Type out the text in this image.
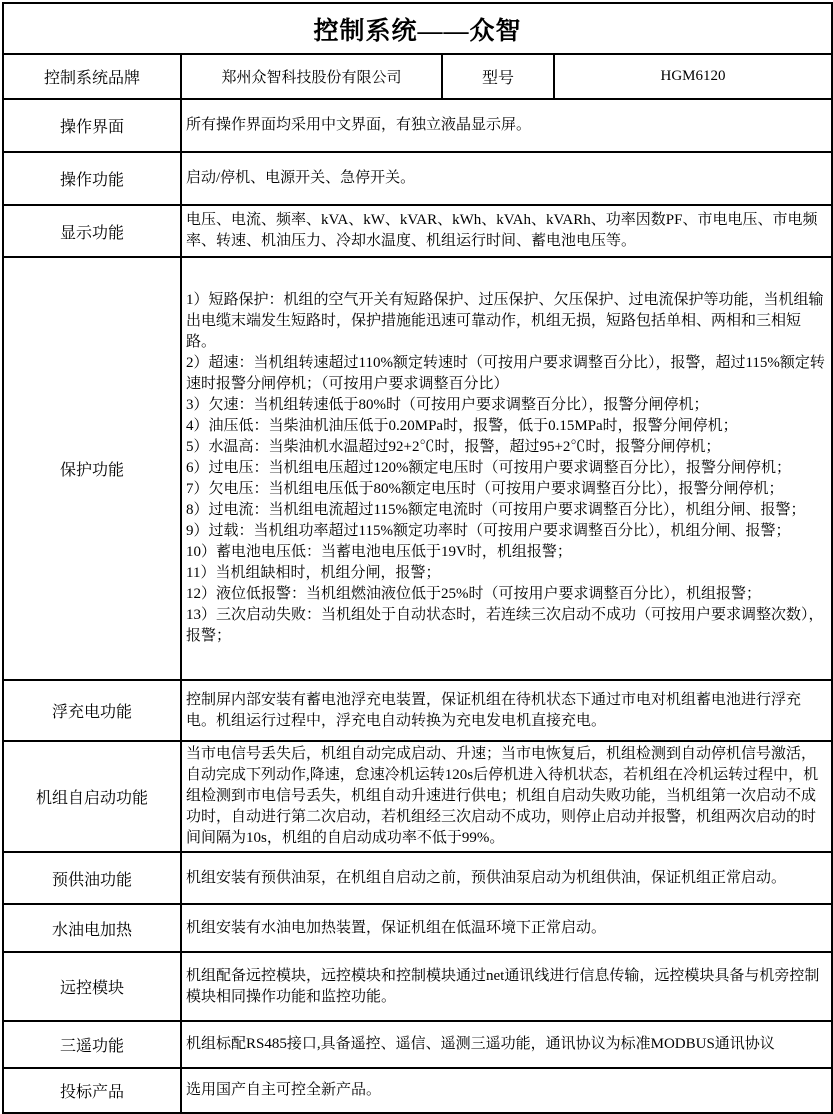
控制系统——众智			
控制系统品牌	郑州众智科技股份有限公司	型号	HGM6120
操作界面	所有操作界面均采用中文界面，有独立液晶显示屏。		
操作功能	启动/停机、电源开关、急停开关。		
显示功能	电压、电流、频率、kVA、kW、kVAR、kWh、kVAh、kVARh、功率因数PF、市电电压、市电频率、转速、机油压力、冷却水温度、机组运行时间、蓄电池电压等。		
保护功能	1）短路保护：机组的空气开关有短路保护、过压保护、欠压保护、过电流保护等功能，当机组输出电缆末端发生短路时，保护措施能迅速可靠动作，机组无损，短路包括单相、两相和三相短路。
2）超速：当机组转速超过110%额定转速时（可按用户要求调整百分比），报警，超过115%额定转速时报警分闸停机；（可按用户要求调整百分比）
3）欠速：当机组转速低于80%时（可按用户要求调整百分比），报警分闸停机；
4）油压低：当柴油机油压低于0.20MPa时，报警，低于0.15MPa时，报警分闸停机；
5）水温高：当柴油机水温超过92+2℃时，报警，超过95+2℃时，报警分闸停机；
6）过电压：当机组电压超过120%额定电压时（可按用户要求调整百分比），报警分闸停机；
7）欠电压：当机组电压低于80%额定电压时（可按用户要求调整百分比），报警分闸停机；
8）过电流：当机组电流超过115%额定电流时（可按用户要求调整百分比），机组分闸、报警；
9）过载：当机组功率超过115%额定功率时（可按用户要求调整百分比），机组分闸、报警；
10）蓄电池电压低：当蓄电池电压低于19V时，机组报警；
11）当机组缺相时，机组分闸，报警；
12）液位低报警：当机组燃油液位低于25%时（可按用户要求调整百分比），机组报警；
13）三次启动失败：当机组处于自动状态时，若连续三次启动不成功（可按用户要求调整次数），报警；
浮充电功能	控制屏内部安装有蓄电池浮充电装置，保证机组在待机状态下通过市电对机组蓄电池进行浮充电。机组运行过程中，浮充电自动转换为充电发电机直接充电。		
机组自启动功能	当市电信号丢失后，机组自动完成启动、升速；当市电恢复后，机组检测到自动停机信号激活，自动完成下列动作,降速，怠速冷机运转120s后停机进入待机状态，若机组在冷机运转过程中，机组检测到市电信号丢失，机组自动升速进行供电；机组自启动失败功能，当机组第一次启动不成功时，自动进行第二次启动，若机组经三次启动不成功，则停止启动并报警，机组两次启动的时间间隔为10s，机组的自启动成功率不低于99%。		
预供油功能	机组安装有预供油泵，在机组自启动之前，预供油泵启动为机组供油，保证机组正常启动。		
水油电加热	机组安装有水油电加热装置，保证机组在低温环境下正常启动。		
远控模块	机组配备远控模块，远控模块和控制模块通过net通讯线进行信息传输，远控模块具备与机旁控制模块相同操作功能和监控功能。		
三遥功能	机组标配RS485接口,具备遥控、遥信、遥测三遥功能，通讯协议为标准MODBUS通讯协议		
投标产品	选用国产自主可控全新产品。		
